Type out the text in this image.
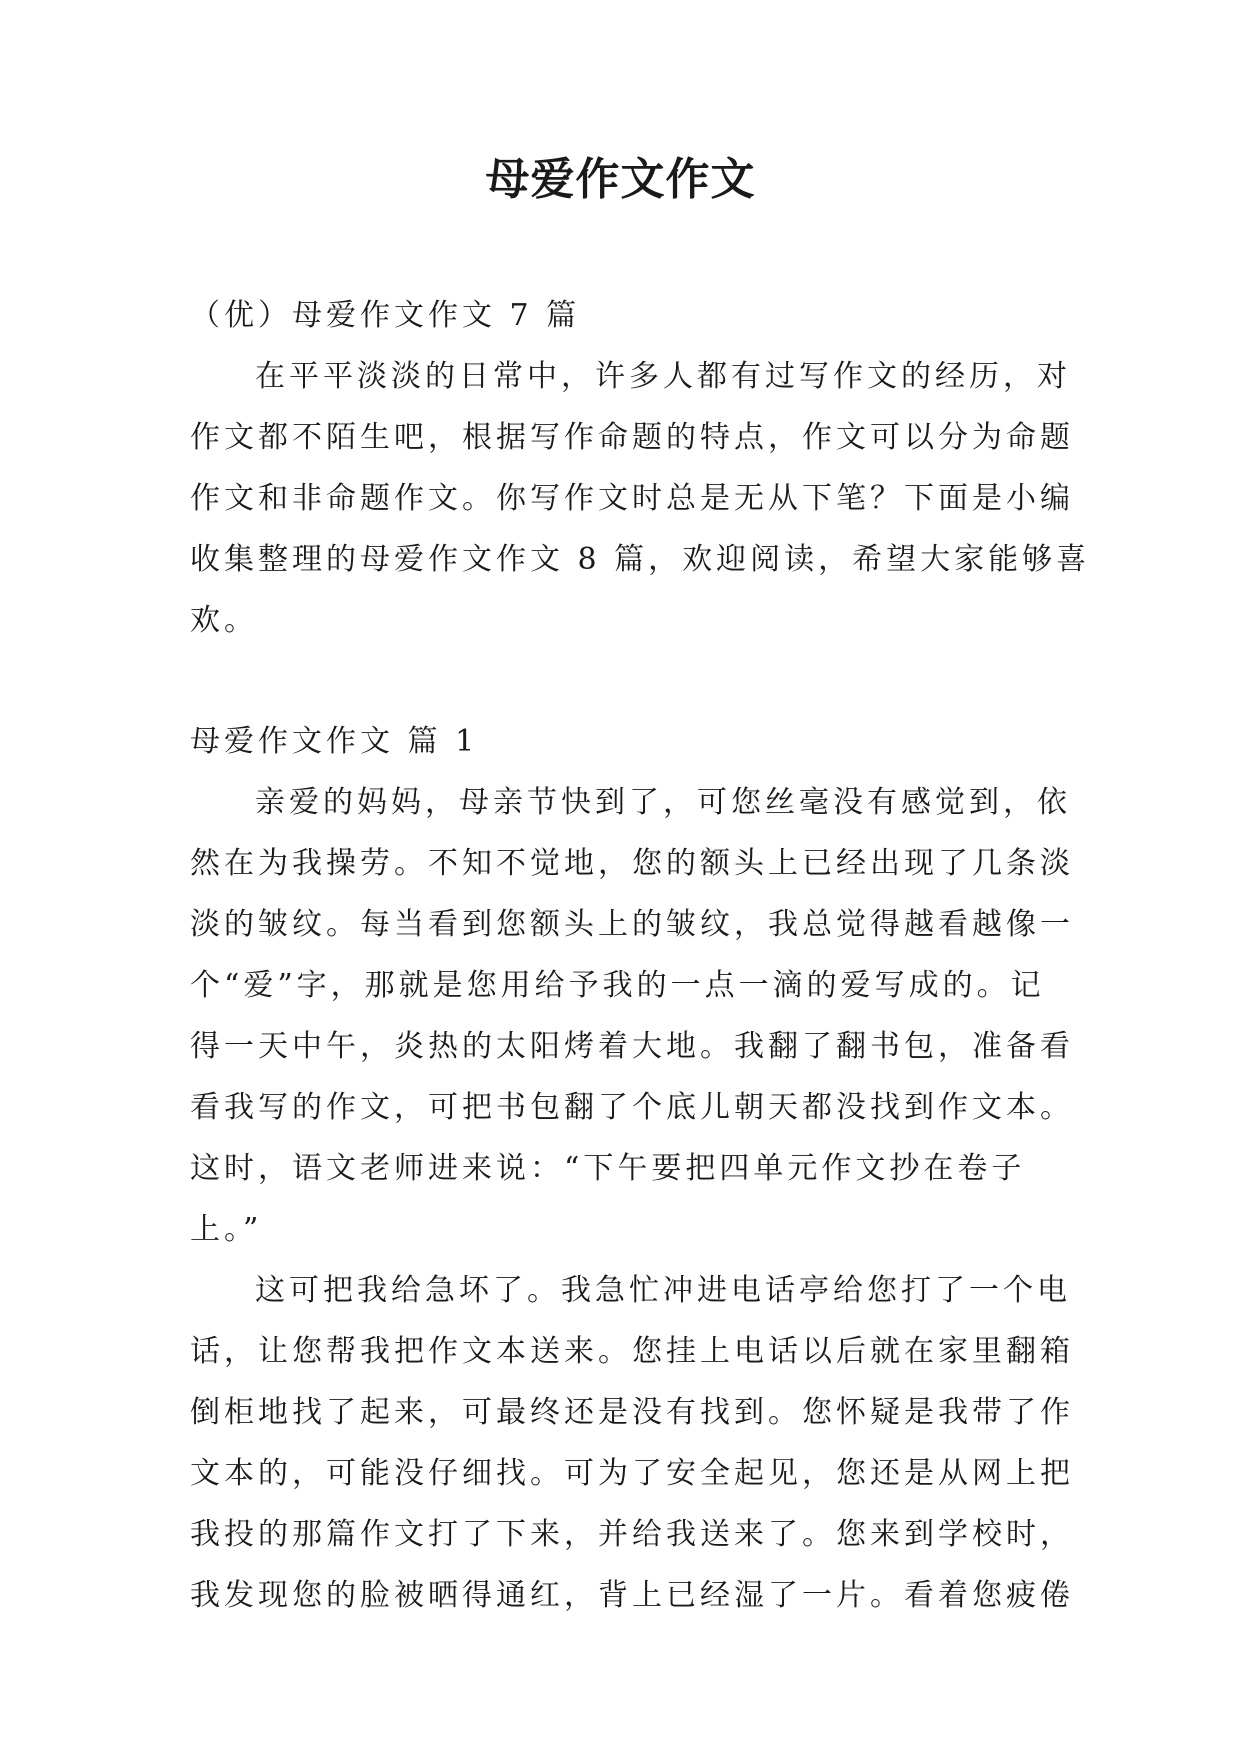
母爱作文作文
（优）母爱作文作文 7 篇
在平平淡淡的日常中，许多人都有过写作文的经历，对
作文都不陌生吧，根据写作命题的特点，作文可以分为命题
作文和非命题作文。你写作文时总是无从下笔？下面是小编
收集整理的母爱作文作文 8 篇，欢迎阅读，希望大家能够喜
欢。
母爱作文作文 篇 1
亲爱的妈妈，母亲节快到了，可您丝毫没有感觉到，依
然在为我操劳。不知不觉地，您的额头上已经出现了几条淡
淡的皱纹。每当看到您额头上的皱纹，我总觉得越看越像一
个“爱”字，那就是您用给予我的一点一滴的爱写成的。记
得一天中午，炎热的太阳烤着大地。我翻了翻书包，准备看
看我写的作文，可把书包翻了个底儿朝天都没找到作文本。
这时，语文老师进来说：“下午要把四单元作文抄在卷子
上。”
这可把我给急坏了。我急忙冲进电话亭给您打了一个电
话，让您帮我把作文本送来。您挂上电话以后就在家里翻箱
倒柜地找了起来，可最终还是没有找到。您怀疑是我带了作
文本的，可能没仔细找。可为了安全起见，您还是从网上把
我投的那篇作文打了下来，并给我送来了。您来到学校时，
我发现您的脸被晒得通红，背上已经湿了一片。看着您疲倦
